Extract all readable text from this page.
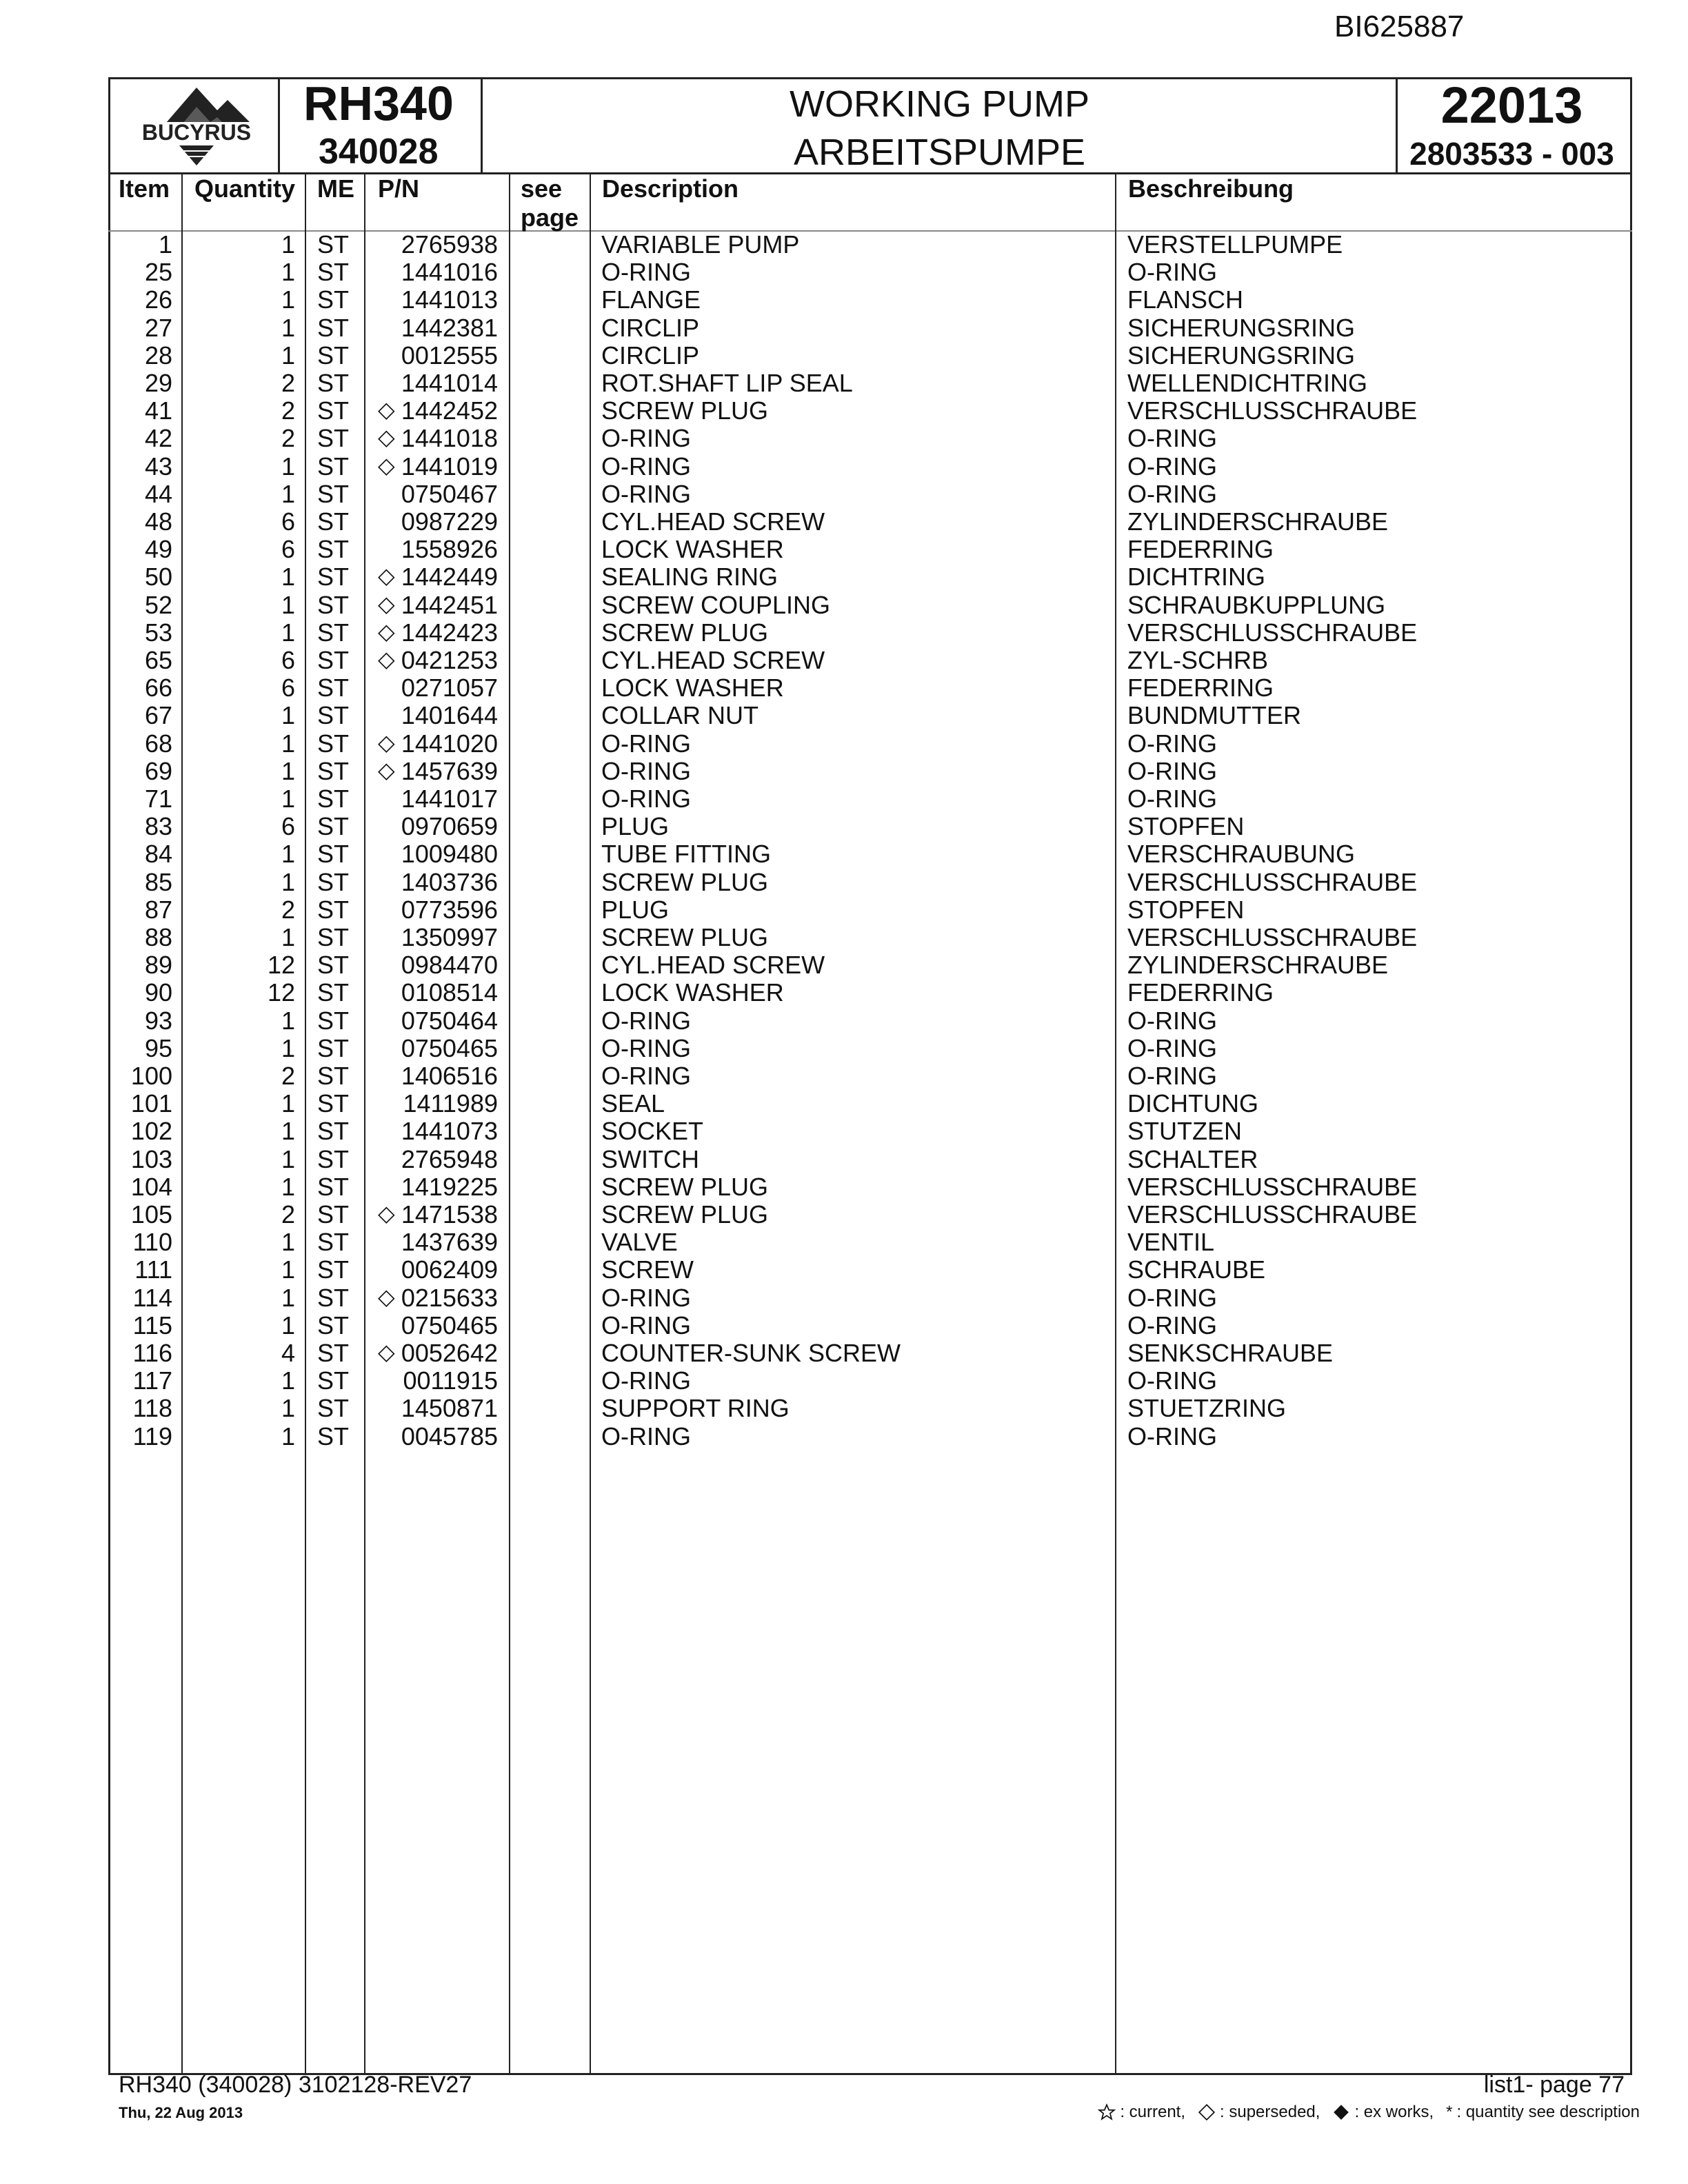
BI625887
BUCYRUS
RH340
340028
WORKING PUMP
ARBEITSPUMPE
22013
2803533 - 003
Item Quantity ME P/N	see
page
Description	Beschreibung
1	1 ST	2765938	VARIABLE PUMP	VERSTELLPUMPE
25	1 ST	1441016	O-RING	O-RING
26	1 ST	1441013	FLANGE	FLANSCH
27	1 ST	1442381	CIRCLIP	SICHERUNGSRING
28	1 ST	0012555	CIRCLIP	SICHERUNGSRING
29	2 ST	1441014	ROT.SHAFT LIP SEAL	WELLENDICHTRING
41	2 ST	1442452	SCREW PLUG	VERSCHLUSSCHRAUBE
◇
42	2 ST	1441018	O-RING	O-RING
◇
43	1 ST	1441019	O-RING	O-RING
◇
44	1 ST	0750467	O-RING	O-RING
48	6 ST	0987229	CYL.HEAD SCREW	ZYLINDERSCHRAUBE
49	6 ST	1558926	LOCK WASHER	FEDERRING
50	1 ST	1442449	SEALING RING	DICHTRING
◇
52	1 ST	1442451	SCREW COUPLING	SCHRAUBKUPPLUNG
◇
53	1 ST	1442423	SCREW PLUG	VERSCHLUSSCHRAUBE
◇
65	6 ST	0421253	CYL.HEAD SCREW	ZYL-SCHRB
◇
66	6 ST	0271057	LOCK WASHER	FEDERRING
67	1 ST	1401644	COLLAR NUT	BUNDMUTTER
68	1 ST	1441020	O-RING	O-RING
◇
69	1 ST	1457639	O-RING	O-RING
◇
71	1 ST	1441017	O-RING	O-RING
83	6 ST	0970659	PLUG	STOPFEN
84	1 ST	1009480	TUBE FITTING	VERSCHRAUBUNG
85	1 ST	1403736	SCREW PLUG	VERSCHLUSSCHRAUBE
87	2 ST	0773596	PLUG	STOPFEN
88	1 ST	1350997	SCREW PLUG	VERSCHLUSSCHRAUBE
89	12 ST	0984470	CYL.HEAD SCREW	ZYLINDERSCHRAUBE
90	12 ST	0108514	LOCK WASHER	FEDERRING
93	1 ST	0750464	O-RING	O-RING
95	1 ST	0750465	O-RING	O-RING
100	2 ST	1406516	O-RING	O-RING
101	1 ST	1411989	SEAL	DICHTUNG
102	1 ST	1441073	SOCKET	STUTZEN
103	1 ST	2765948	SWITCH	SCHALTER
104	1 ST	1419225	SCREW PLUG	VERSCHLUSSCHRAUBE
105	2 ST	1471538	SCREW PLUG	VERSCHLUSSCHRAUBE
◇
110	1 ST	1437639	VALVE	VENTIL
111	1 ST	0062409	SCREW	SCHRAUBE
114	1 ST	0215633	O-RING	O-RING
◇
115	1 ST	0750465	O-RING	O-RING
116	4 ST	0052642	COUNTER-SUNK SCREW	SENKSCHRAUBE
◇
117	1 ST	0011915	O-RING	O-RING
118	1 ST	1450871	SUPPORT RING	STUETZRING
119	1 ST	0045785	O-RING	O-RING
RH340 (340028) 3102128-REV27
Thu, 22 Aug 2013
list1- page 77
: current, : superseded, : ex works, * : quantity see description
